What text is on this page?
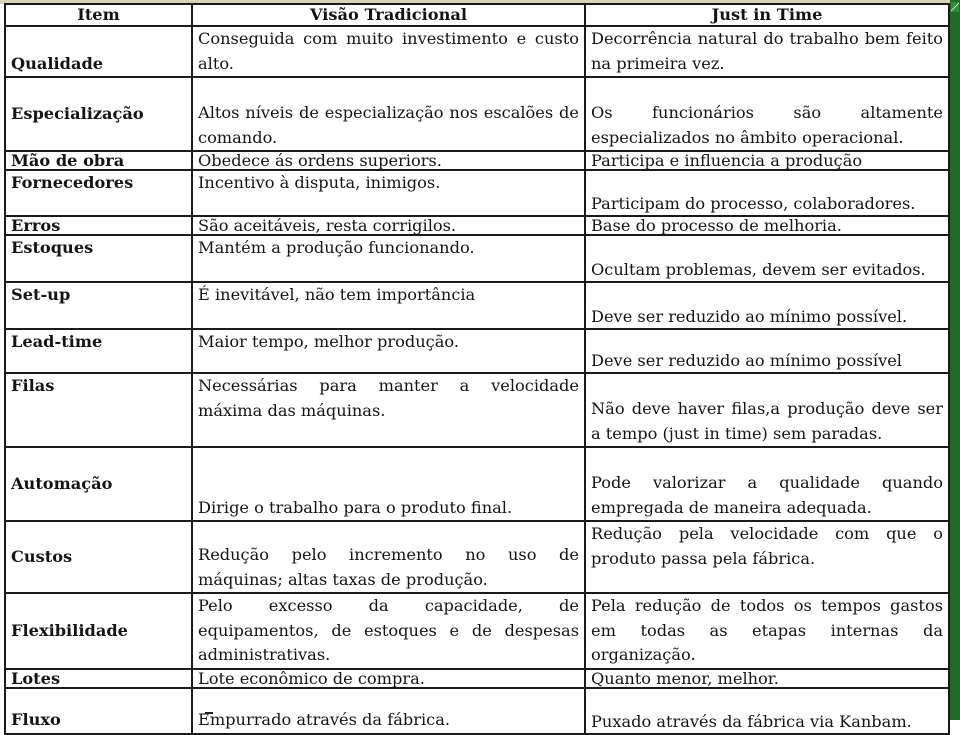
Item	Visão Tradicional	Just in Time
Qualidade	Conseguida com muito investimento e custo alto.	Decorrência natural do trabalho bem feito na primeira vez.
Especialização	Altos níveis de especialização nos escalões de comando.	Os funcionários são altamente especializados no âmbito operacional.
Mão de obra	Obedece ás ordens superiors.	Participa e influencia a produção
Fornecedores	Incentivo à disputa, inimigos.	Participam do processo, colaboradores.
Erros	São aceitáveis, resta corrigilos.	Base do processo de melhoria.
Estoques	Mantém a produção funcionando.	Ocultam problemas, devem ser evitados.
Set-up	É inevitável, não tem importância	Deve ser reduzido ao mínimo possível.
Lead-time	Maior tempo, melhor produção.	Deve ser reduzido ao mínimo possível
Filas	Necessárias para manter a velocidade máxima das máquinas.	Não deve haver filas,a produção deve ser a tempo (just in time) sem paradas.
Automação	Dirige o trabalho para o produto final.	Pode valorizar a qualidade quando empregada de maneira adequada.
Custos	Redução pelo incremento no uso de máquinas; altas taxas de produção.	Redução pela velocidade com que o produto passa pela fábrica.
Flexibilidade	Pelo excesso da capacidade, de equipamentos, de estoques e de despesas administrativas.	Pela redução de todos os tempos gastos em todas as etapas internas da organização.
Lotes	Lote econômico de compra.	Quanto menor, melhor.
Fluxo	Empurrado através da fábrica.	Puxado através da fábrica via Kanbam.
